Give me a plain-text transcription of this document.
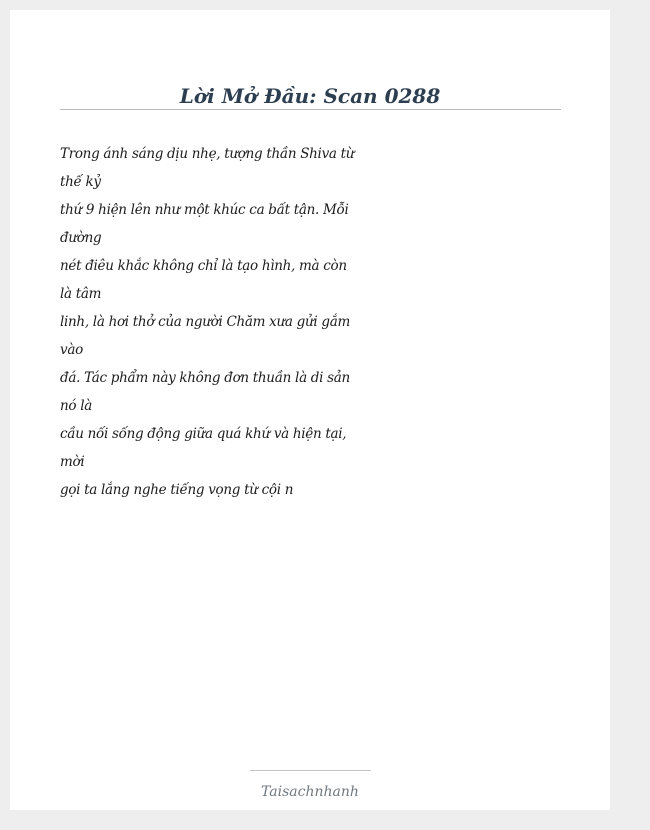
Lời Mở Đầu: Scan 0288
Trong ánh sáng dịu nhẹ, tượng thần Shiva từ
thế kỷ
thứ 9 hiện lên như một khúc ca bất tận. Mỗi
đường
nét điêu khắc không chỉ là tạo hình, mà còn
là tâm
linh, là hơi thở của người Chăm xưa gửi gắm
vào
đá. Tác phẩm này không đơn thuần là di sản
nó là
cầu nối sống động giữa quá khứ và hiện tại,
mời
gọi ta lắng nghe tiếng vọng từ cội n
Taisachnhanh
